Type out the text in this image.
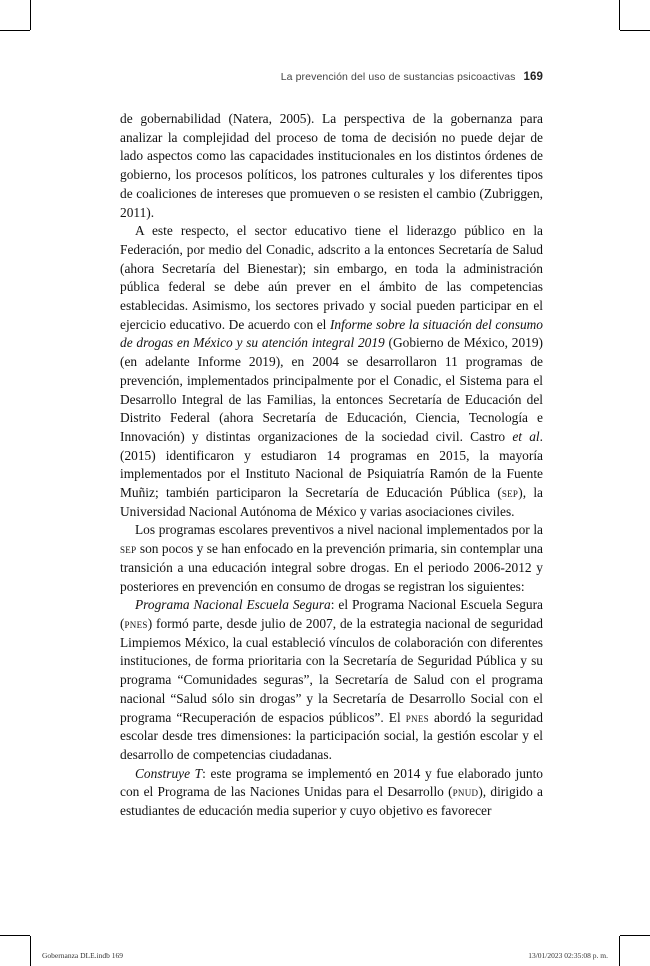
La prevención del uso de sustancias psicoactivas 169

de gobernabilidad (Natera, 2005). La perspectiva de la gobernanza para analizar la complejidad del proceso de toma de decisión no puede dejar de lado aspectos como las capacidades institucionales en los distintos órdenes de gobierno, los procesos políticos, los patrones culturales y los diferentes tipos de coaliciones de intereses que promueven o se resisten el cambio (Zubriggen, 2011).

A este respecto, el sector educativo tiene el liderazgo público en la Federación, por medio del Conadic, adscrito a la entonces Secretaría de Salud (ahora Secretaría del Bienestar); sin embargo, en toda la administración pública federal se debe aún prever en el ámbito de las competencias establecidas. Asimismo, los sectores privado y social pueden participar en el ejercicio educativo. De acuerdo con el Informe sobre la situación del consumo de drogas en México y su atención integral 2019 (Gobierno de México, 2019) (en adelante Informe 2019), en 2004 se desarrollaron 11 programas de prevención, implementados principalmente por el Conadic, el Sistema para el Desarrollo Integral de las Familias, la entonces Secretaría de Educación del Distrito Federal (ahora Secretaría de Educación, Ciencia, Tecnología e Innovación) y distintas organizaciones de la sociedad civil. Castro et al. (2015) identificaron y estudiaron 14 programas en 2015, la mayoría implementados por el Instituto Nacional de Psiquiatría Ramón de la Fuente Muñiz; también participaron la Secretaría de Educación Pública (sep), la Universidad Nacional Autónoma de México y varias asociaciones civiles.

Los programas escolares preventivos a nivel nacional implementados por la sep son pocos y se han enfocado en la prevención primaria, sin contemplar una transición a una educación integral sobre drogas. En el periodo 2006-2012 y posteriores en prevención en consumo de drogas se registran los siguientes:

Programa Nacional Escuela Segura: el Programa Nacional Escuela Segura (pnes) formó parte, desde julio de 2007, de la estrategia nacional de seguridad Limpiemos México, la cual estableció vínculos de colaboración con diferentes instituciones, de forma prioritaria con la Secretaría de Seguridad Pública y su programa “Comunidades seguras”, la Secretaría de Salud con el programa nacional “Salud sólo sin drogas” y la Secretaría de Desarrollo Social con el programa “Recuperación de espacios públicos”. El pnes abordó la seguridad escolar desde tres dimensiones: la participación social, la gestión escolar y el desarrollo de competencias ciudadanas.

Construye T: este programa se implementó en 2014 y fue elaborado junto con el Programa de las Naciones Unidas para el Desarrollo (pnud), dirigido a estudiantes de educación media superior y cuyo objetivo es favorecer

Gobernanza DLE.indb 169	13/01/2023 02:35:08 p. m.
